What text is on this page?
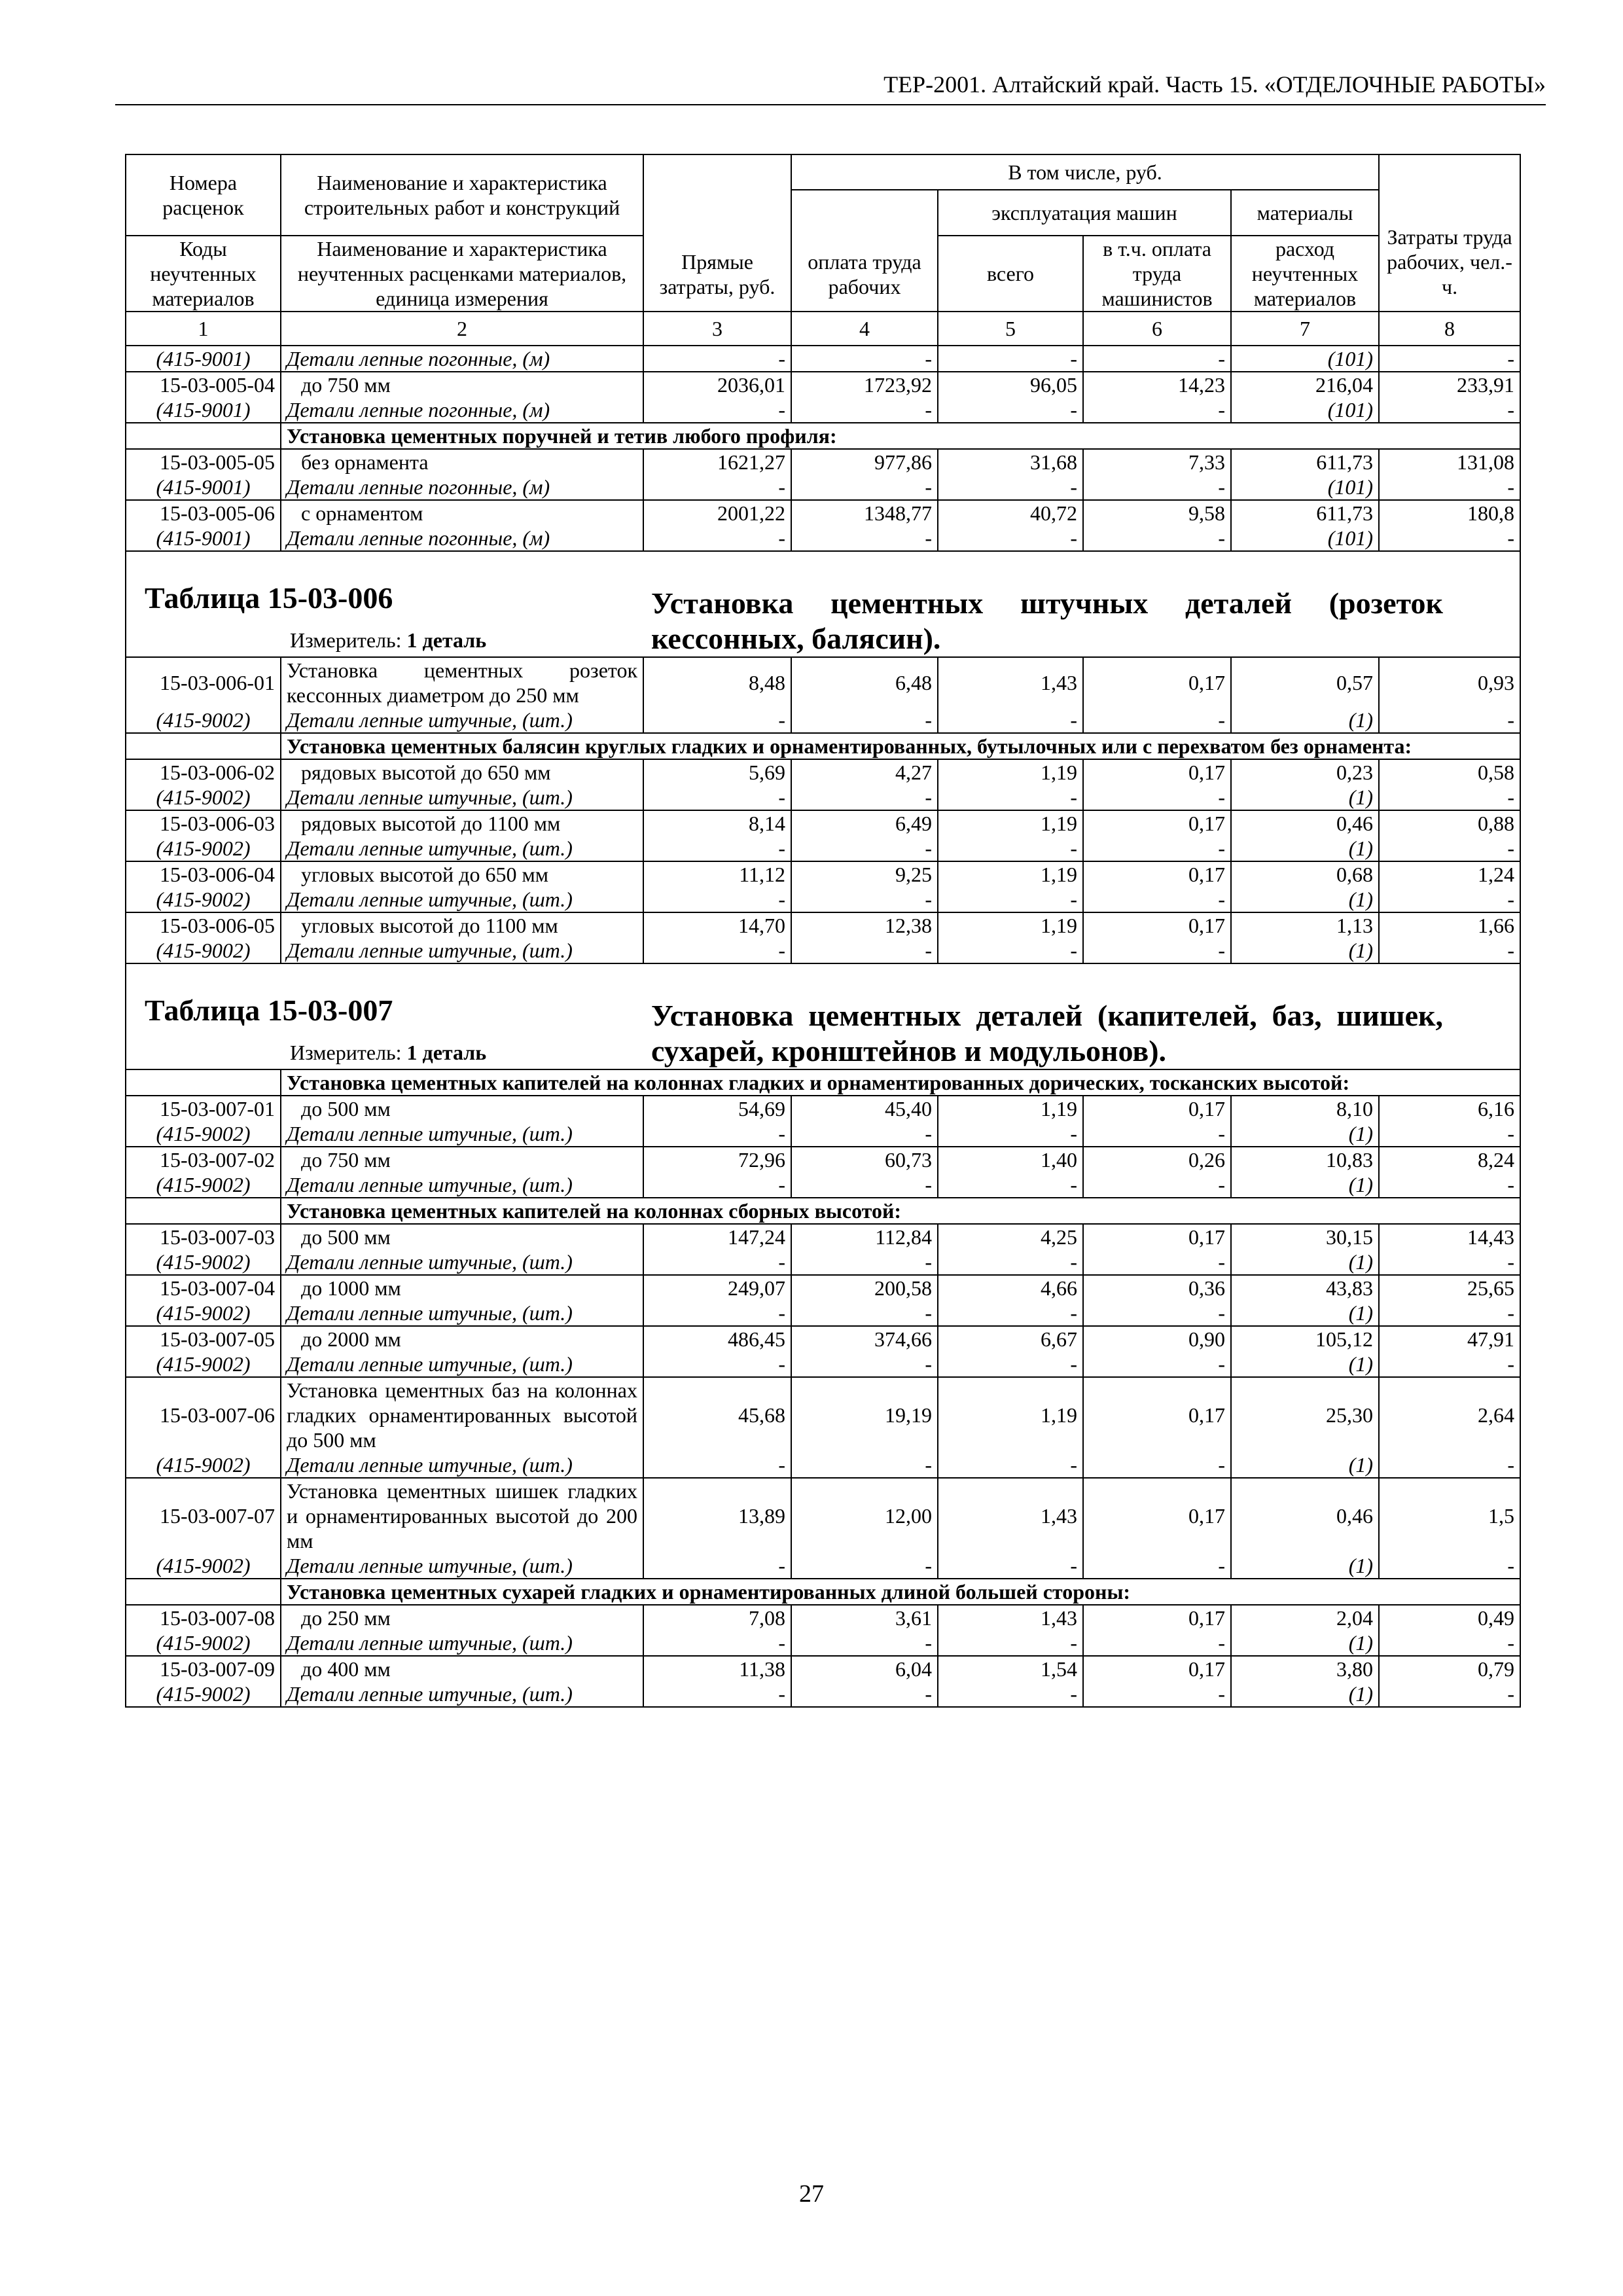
ТЕР-2001. Алтайский край. Часть 15. «ОТДЕЛОЧНЫЕ РАБОТЫ»
Номера расценок	Наименование и характеристика строительных работ и конструкций	Прямые затраты, руб.	В том числе, руб.				Затраты труда рабочих, чел.-ч.
			оплата труда рабочих	эксплуатация машин		материалы	
Коды неучтенных материалов	Наименование и характеристика неучтенных расценками материалов, единица измерения			всего	в т.ч. оплата труда машинистов	расход неучтенных материалов	
1	2	3	4	5	6	7	8
(415-9001)	Детали лепные погонные, (м)	-	-	-	-	(101)	-
15-03-005-04	до 750 мм	2036,01	1723,92	96,05	14,23	216,04	233,91
(415-9001)	Детали лепные погонные, (м)	-	-	-	-	(101)	-
	Установка цементных поручней и тетив любого профиля:						
15-03-005-05	без орнамента	1621,27	977,86	31,68	7,33	611,73	131,08
(415-9001)	Детали лепные погонные, (м)	-	-	-	-	(101)	-
15-03-005-06	с орнаментом	2001,22	1348,77	40,72	9,58	611,73	180,8
(415-9001)	Детали лепные погонные, (м)	-	-	-	-	(101)	-

Таблица 15-03-006 Установка цементных штучных деталей (розеток кессонных, балясин).
Измеритель: 1 деталь							

15-03-006-01	Установка цементных розеток кессонных диаметром до 250 мм	8,48	6,48	1,43	0,17	0,57	0,93
(415-9002)	Детали лепные штучные, (шт.)	-	-	-	-	(1)	-
	Установка цементных балясин круглых гладких и орнаментированных, бутылочных или с перехватом без орнамента:						
15-03-006-02	рядовых высотой до 650 мм	5,69	4,27	1,19	0,17	0,23	0,58
(415-9002)	Детали лепные штучные, (шт.)	-	-	-	-	(1)	-
15-03-006-03	рядовых высотой до 1100 мм	8,14	6,49	1,19	0,17	0,46	0,88
(415-9002)	Детали лепные штучные, (шт.)	-	-	-	-	(1)	-
15-03-006-04	угловых высотой до 650 мм	11,12	9,25	1,19	0,17	0,68	1,24
(415-9002)	Детали лепные штучные, (шт.)	-	-	-	-	(1)	-
15-03-006-05	угловых высотой до 1100 мм	14,70	12,38	1,19	0,17	1,13	1,66
(415-9002)	Детали лепные штучные, (шт.)	-	-	-	-	(1)	-

Таблица 15-03-007 Установка цементных деталей (капителей, баз, шишек, сухарей, кронштейнов и модульонов).
Измеритель: 1 деталь							

	Установка цементных капителей на колоннах гладких и орнаментированных дорических, тосканских высотой:						
15-03-007-01	до 500 мм	54,69	45,40	1,19	0,17	8,10	6,16
(415-9002)	Детали лепные штучные, (шт.)	-	-	-	-	(1)	-
15-03-007-02	до 750 мм	72,96	60,73	1,40	0,26	10,83	8,24
(415-9002)	Детали лепные штучные, (шт.)	-	-	-	-	(1)	-
	Установка цементных капителей на колоннах сборных высотой:						
15-03-007-03	до 500 мм	147,24	112,84	4,25	0,17	30,15	14,43
(415-9002)	Детали лепные штучные, (шт.)	-	-	-	-	(1)	-
15-03-007-04	до 1000 мм	249,07	200,58	4,66	0,36	43,83	25,65
(415-9002)	Детали лепные штучные, (шт.)	-	-	-	-	(1)	-
15-03-007-05	до 2000 мм	486,45	374,66	6,67	0,90	105,12	47,91
(415-9002)	Детали лепные штучные, (шт.)	-	-	-	-	(1)	-
15-03-007-06	Установка цементных баз на колоннах гладких орнаментированных высотой до 500 мм	45,68	19,19	1,19	0,17	25,30	2,64
(415-9002)	Детали лепные штучные, (шт.)	-	-	-	-	(1)	-
15-03-007-07	Установка цементных шишек гладких и орнаментированных высотой до 200 мм	13,89	12,00	1,43	0,17	0,46	1,5
(415-9002)	Детали лепные штучные, (шт.)	-	-	-	-	(1)	-
	Установка цементных сухарей гладких и орнаментированных длиной большей стороны:						
15-03-007-08	до 250 мм	7,08	3,61	1,43	0,17	2,04	0,49
(415-9002)	Детали лепные штучные, (шт.)	-	-	-	-	(1)	-
15-03-007-09	до 400 мм	11,38	6,04	1,54	0,17	3,80	0,79
(415-9002)	Детали лепные штучные, (шт.)	-	-	-	-	(1)	-
27
